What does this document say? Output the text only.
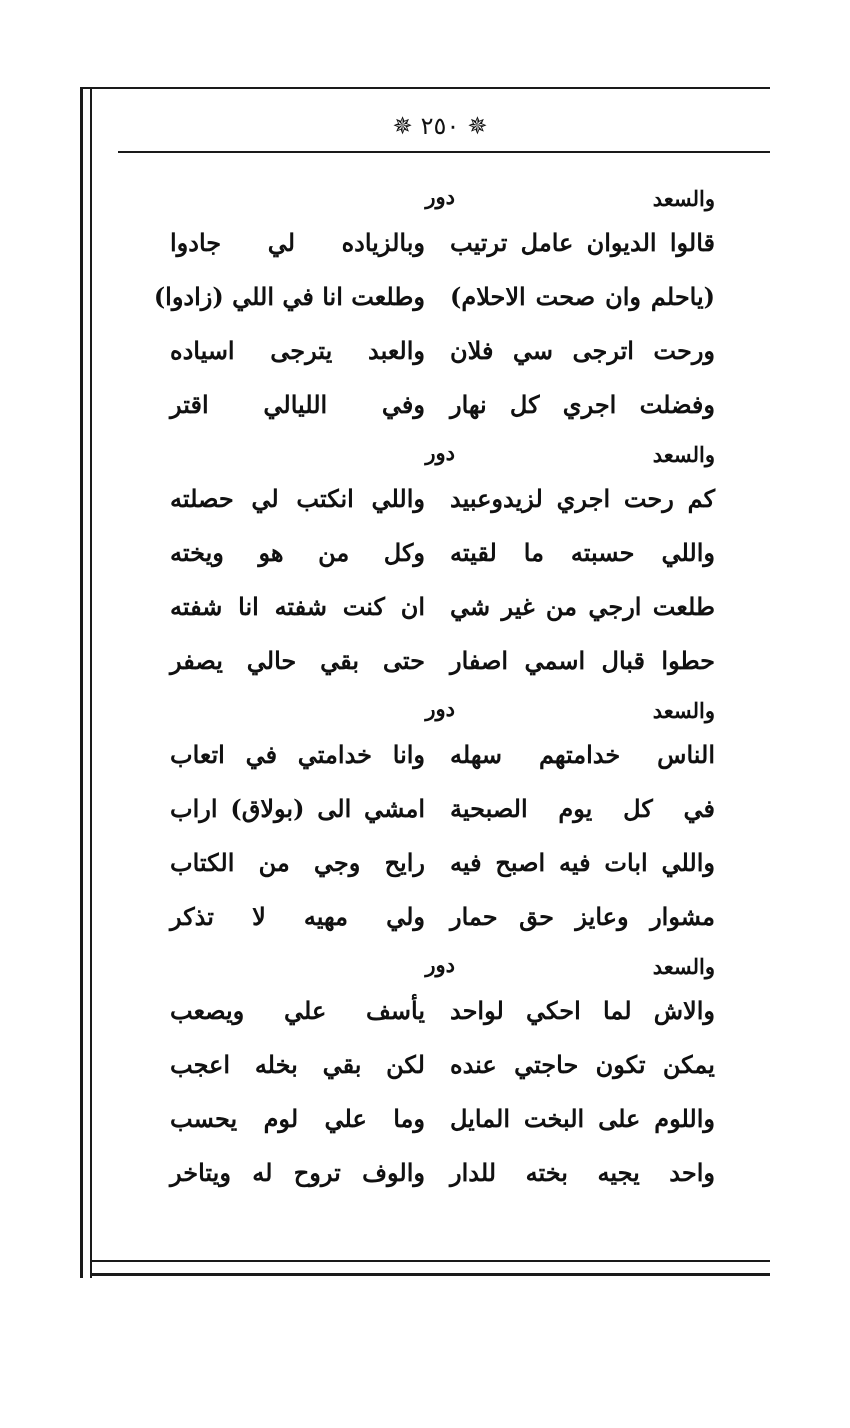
✵ ٢٥٠ ✵
والسعد
دور
قالوا الديوان عامل ترتيب
وبالزياده لي جادوا
(ياحلم وان صحت الاحلام)
وطلعت انا في اللي (زادوا)
ورحت اترجى سي فلان
والعبد يترجى اسياده
وفضلت اجري كل نهار
وفي الليالي اقتر
والسعد
دور
كم رحت اجري لزيدوعبيد
واللي انكتب لي حصلته
واللي حسبته ما لقيته
وكل من هو ويخته
طلعت ارجي من غير شي
ان كنت شفته انا شفته
حطوا قبال اسمي اصفار
حتى بقي حالي يصفر
والسعد
دور
الناس خدامتهم سهله
وانا خدامتي في اتعاب
في كل يوم الصبحية
امشي الى (بولاق) اراب
واللي ابات فيه اصبح فيه
رايح وجي من الكتاب
مشوار وعايز حق حمار
ولي مهيه لا تذكر
والسعد
دور
والاش لما احكي لواحد
يأسف علي ويصعب
يمكن تكون حاجتي عنده
لكن بقي بخله اعجب
واللوم على البخت المايل
وما علي لوم يحسب
واحد يجيه بخته للدار
والوف تروح له ويتاخر
